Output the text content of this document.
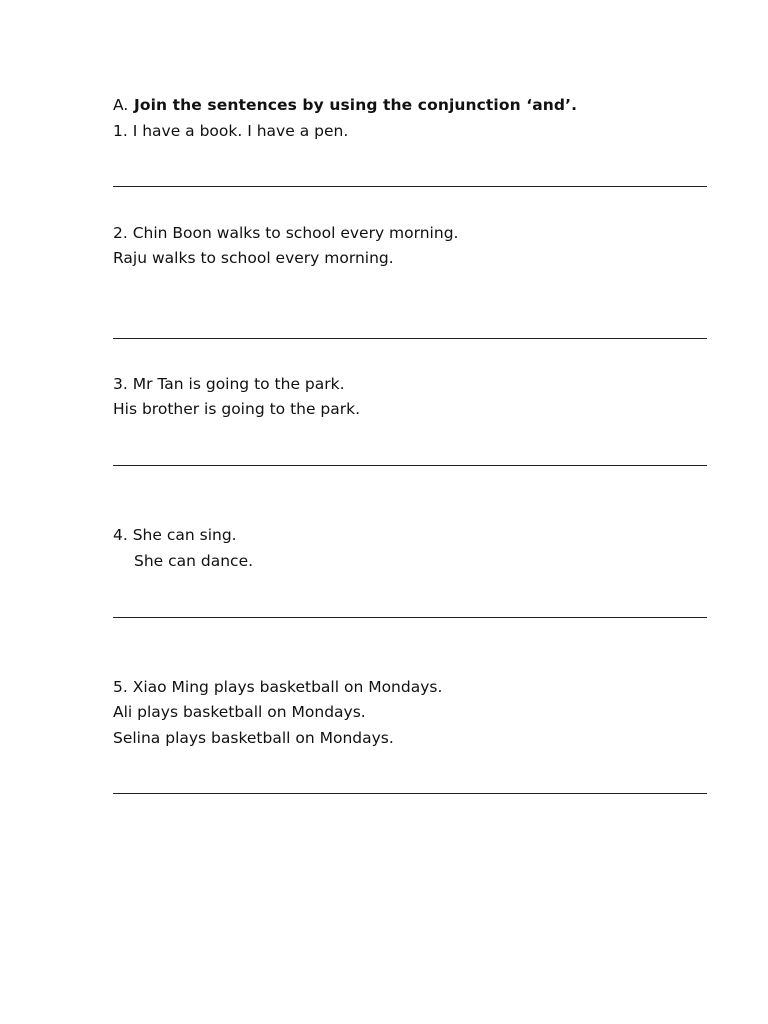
A. Join the sentences by using the conjunction ‘and’.
1. I have a book. I have a pen.
2. Chin Boon walks to school every morning.
Raju walks to school every morning.
3. Mr Tan is going to the park.
His brother is going to the park.
4. She can sing.
She can dance.
5. Xiao Ming plays basketball on Mondays.
Ali plays basketball on Mondays.
Selina plays basketball on Mondays.
